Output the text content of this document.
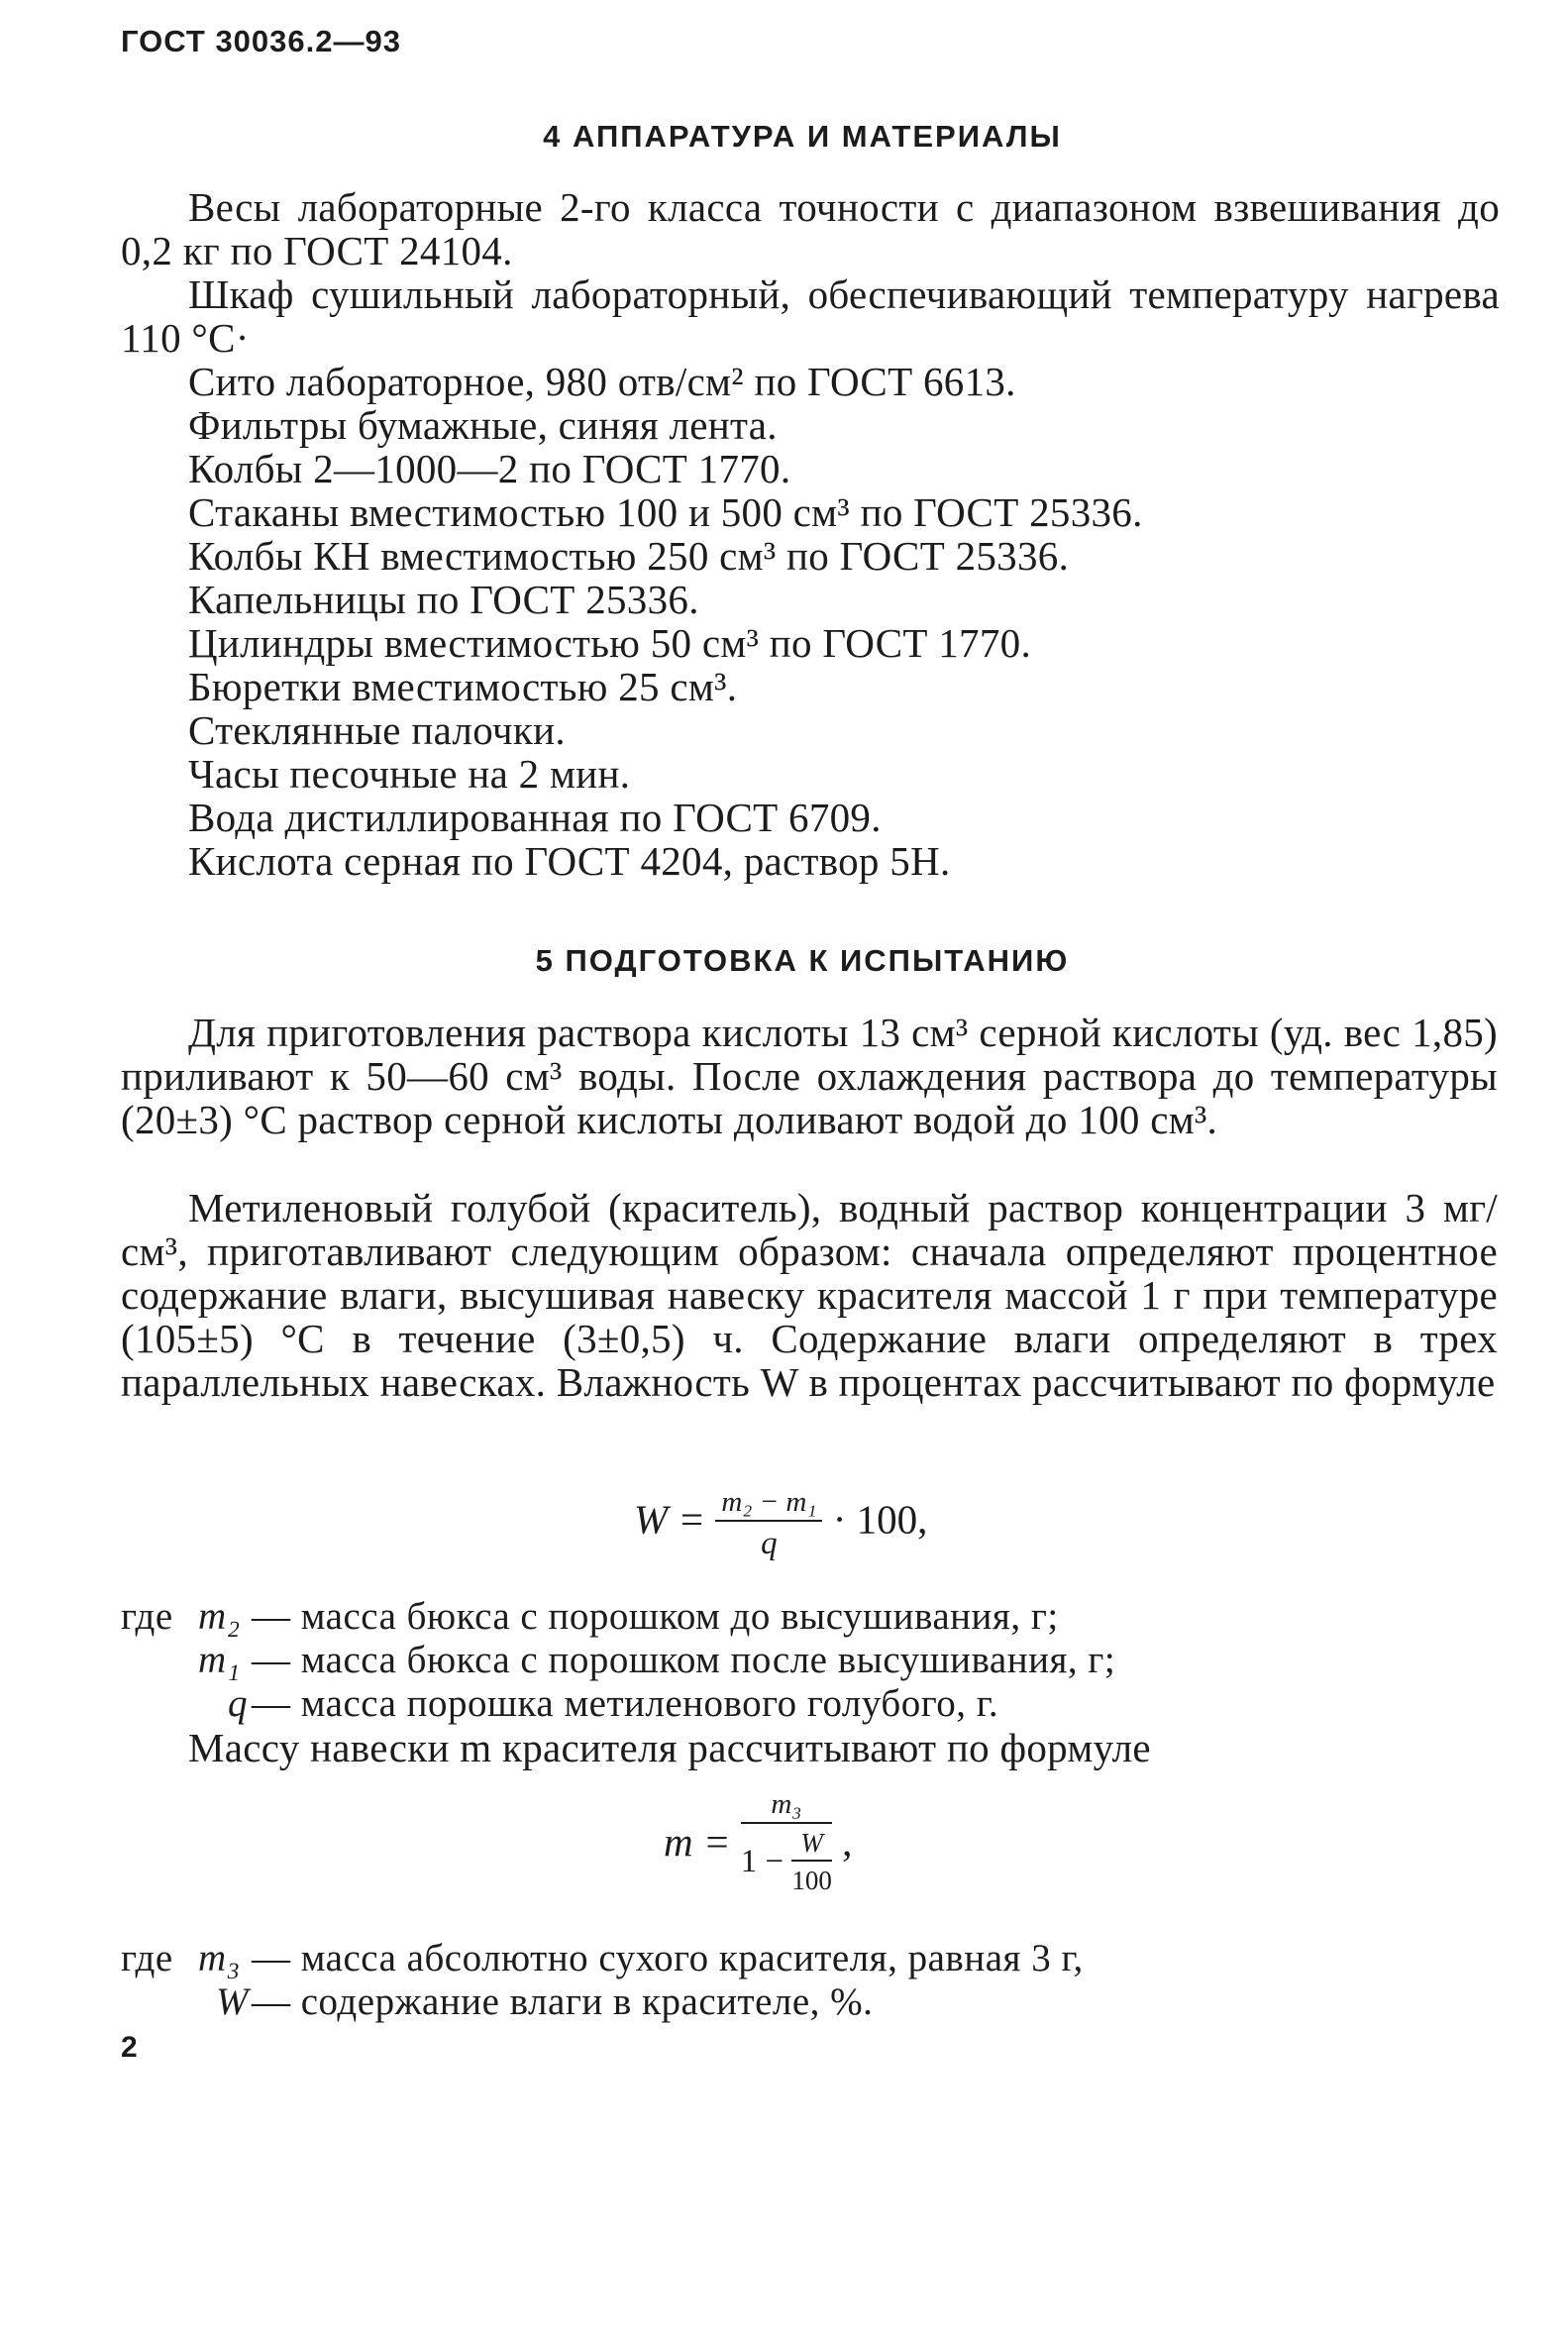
ГОСТ 30036.2—93
4 АППАРАТУРА И МАТЕРИАЛЫ
Весы лабораторные 2-го класса точности с диапазоном взвешивания до 0,2 кг по ГОСТ 24104.
Шкаф сушильный лабораторный, обеспечивающий температуру нагрева 110 °С·
Сито лабораторное, 980 отв/см² по ГОСТ 6613.
Фильтры бумажные, синяя лента.
Колбы 2—1000—2 по ГОСТ 1770.
Стаканы вместимостью 100 и 500 см³ по ГОСТ 25336.
Колбы КН вместимостью 250 см³ по ГОСТ 25336.
Капельницы по ГОСТ 25336.
Цилиндры вместимостью 50 см³ по ГОСТ 1770.
Бюретки вместимостью 25 см³.
Стеклянные палочки.
Часы песочные на 2 мин.
Вода дистиллированная по ГОСТ 6709.
Кислота серная по ГОСТ 4204, раствор 5Н.
5 ПОДГОТОВКА К ИСПЫТАНИЮ

Для приготовления раствора кислоты 13 см³ серной кислоты (уд. вес 1,85) приливают к 50—60 см³ воды. После охлаждения раствора до температуры (20±3) °С раствор серной кислоты доливают водой до 100 см³.

Метиленовый голубой (краситель), водный раствор концентрации 3 мг/см³, приготавливают следующим образом: сначала определяют процентное содержание влаги, высушивая навеску красителя массой 1 г при температуре (105±5) °С в течение (3±0,5) ч. Содержание влаги определяют в трех параллельных навесках. Влажность W в процентах рассчитывают по формуле

$W = \frac{\text{m₂ − m₁}}{q} \cdot 100$,
где m₂ — масса бюкса с порошком до высушивания, г;
m₁ — масса бюкса с порошком после высушивания, г;
q — масса порошка метиленового голубого, г.

Массу навески m красителя рассчитывают по формуле

$m = \frac{\text{m₃}}{1 - \frac{W}{100}}$ ,
где m₃ — масса абсолютно сухого красителя, равная 3 г,
W— содержание влаги в красителе, %.
2
